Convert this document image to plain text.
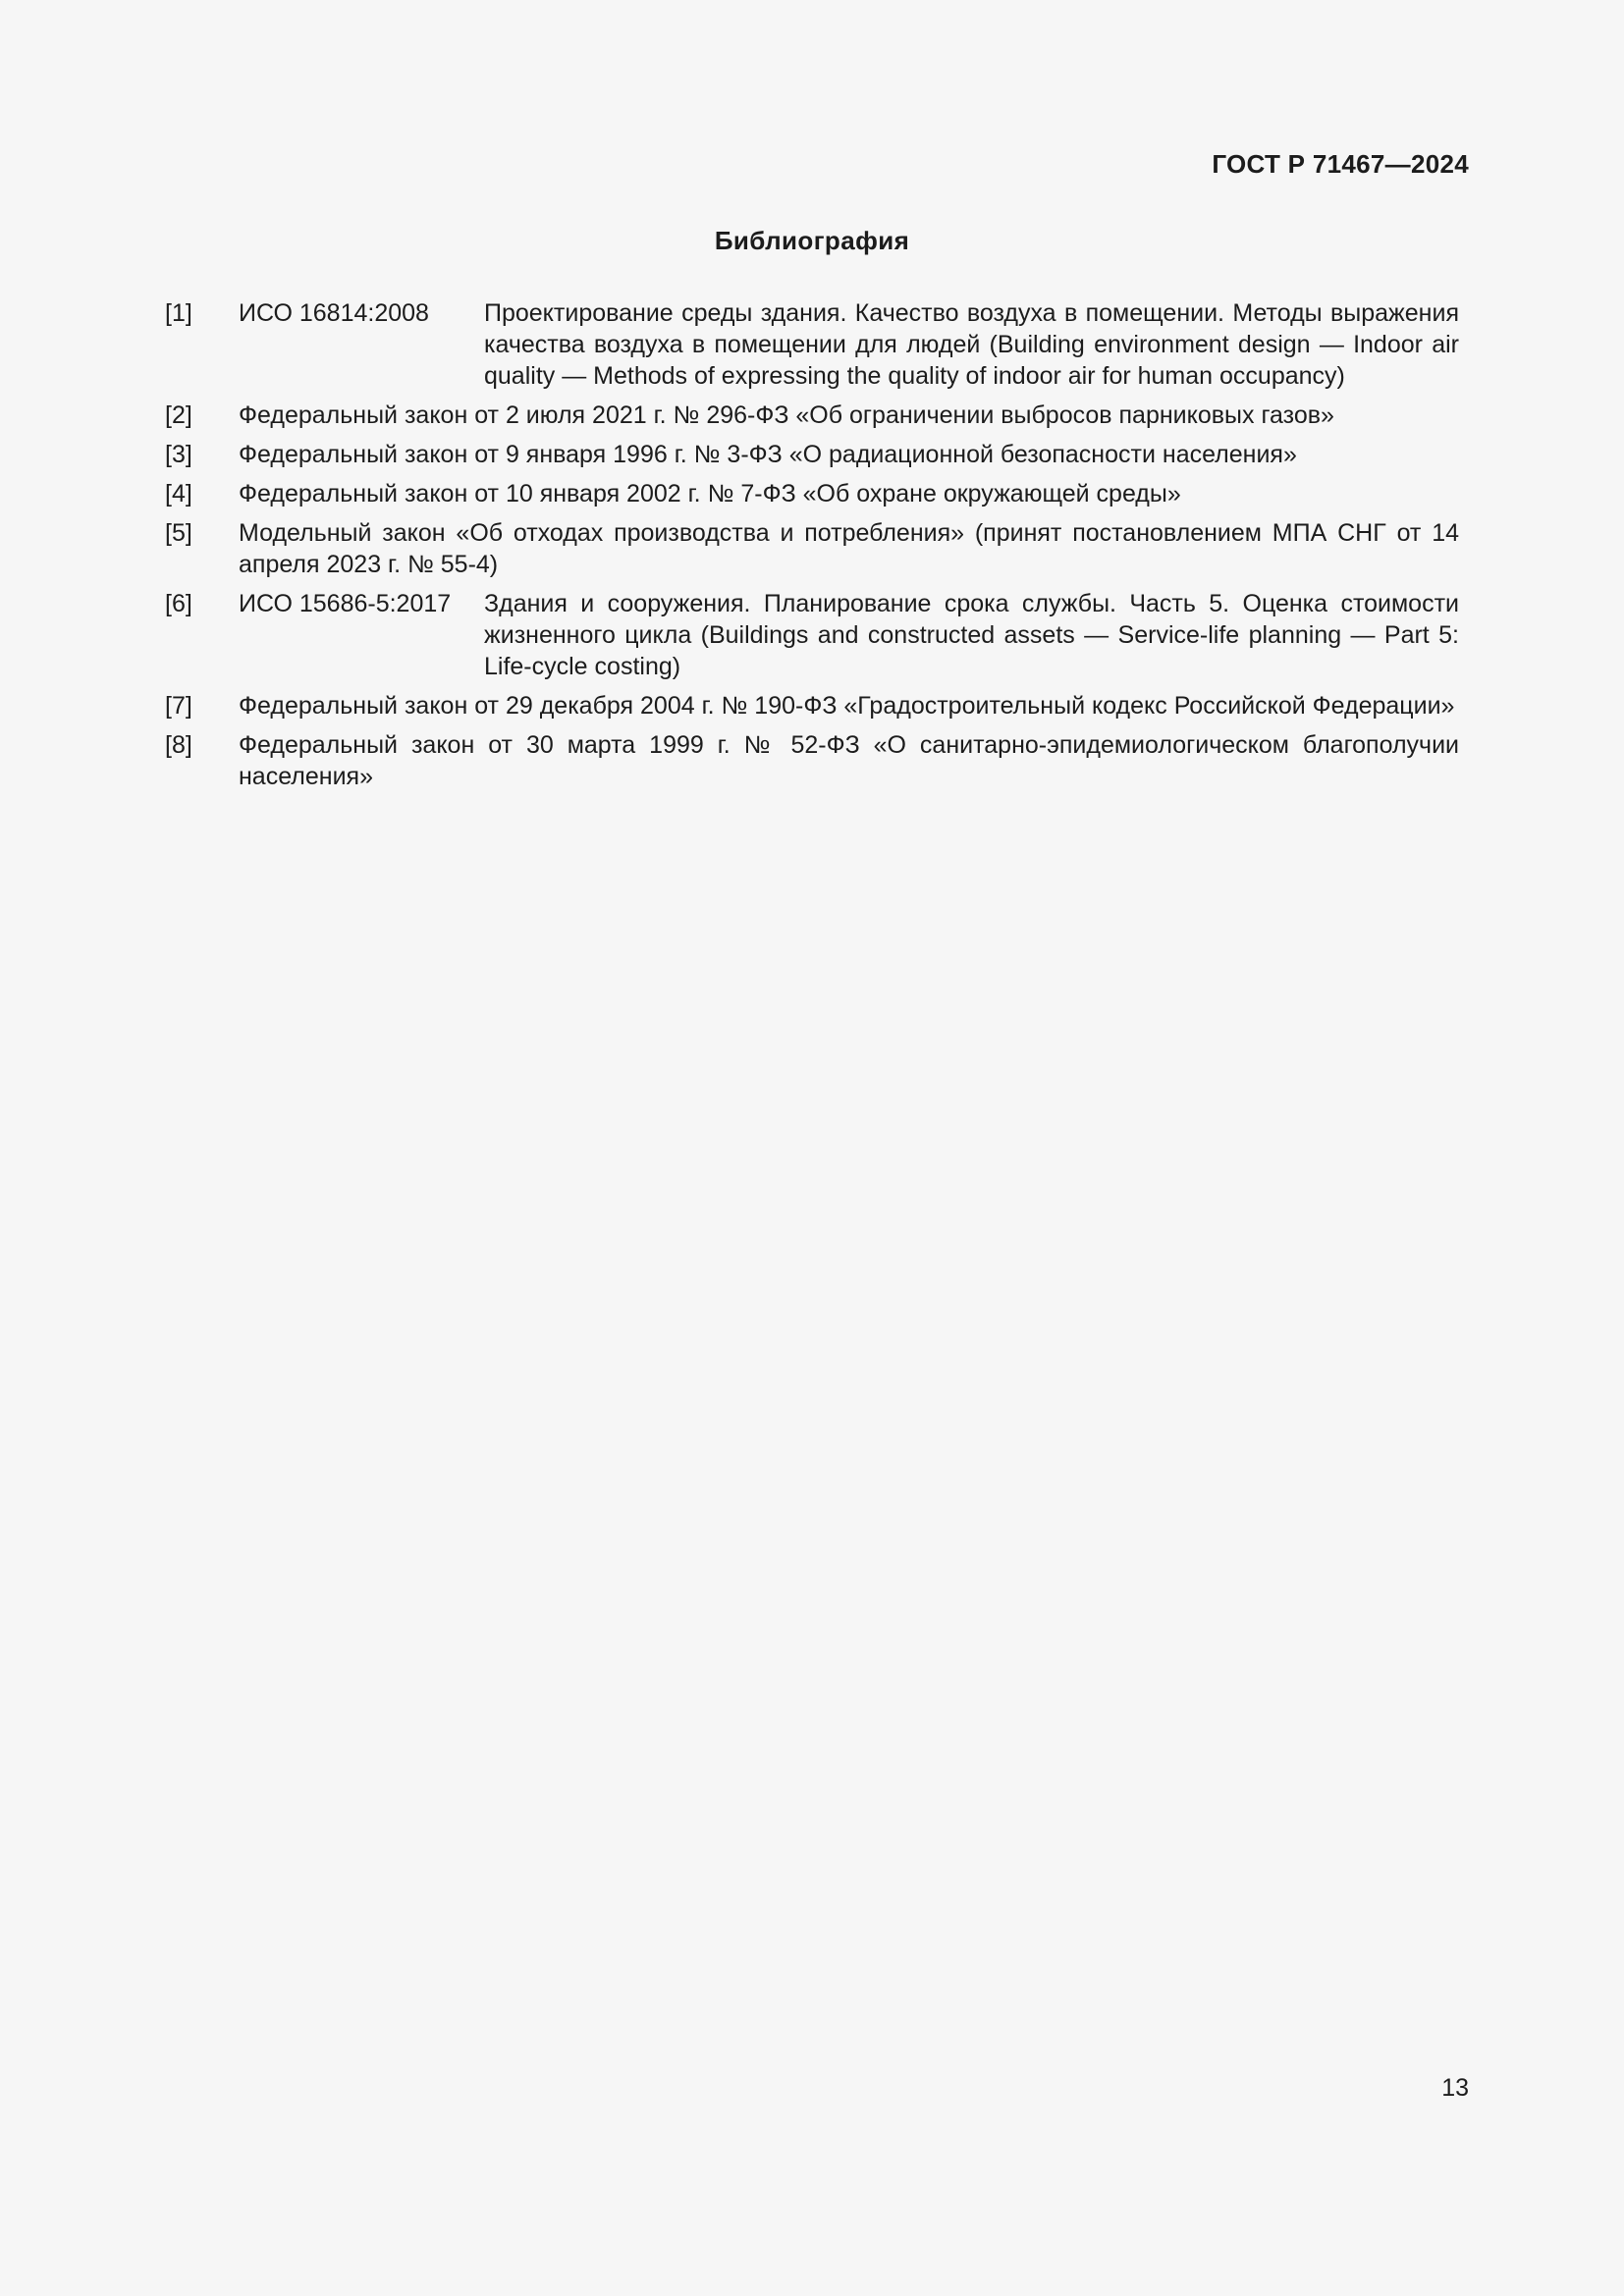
ГОСТ Р 71467—2024
Библиография
[1] ИСО 16814:2008 Проектирование среды здания. Качество воздуха в помещении. Методы выражения качества воздуха в помещении для людей (Building environment design — Indoor air quality — Methods of expressing the quality of indoor air for human occupancy)
[2] Федеральный закон от 2 июля 2021 г. № 296-ФЗ «Об ограничении выбросов парниковых газов»
[3] Федеральный закон от 9 января 1996 г. № 3-ФЗ «О радиационной безопасности населения»
[4] Федеральный закон от 10 января 2002 г. № 7-ФЗ «Об охране окружающей среды»
[5] Модельный закон «Об отходах производства и потребления» (принят постановлением МПА СНГ от 14 апреля 2023 г. № 55-4)
[6] ИСО 15686-5:2017 Здания и сооружения. Планирование срока службы. Часть 5. Оценка стоимости жизненного цикла (Buildings and constructed assets — Service-life planning — Part 5: Life-cycle costing)
[7] Федеральный закон от 29 декабря 2004 г. № 190-ФЗ «Градостроительный кодекс Российской Федерации»
[8] Федеральный закон от 30 марта 1999 г. № 52-ФЗ «О санитарно-эпидемиологическом благополучии населения»
13
